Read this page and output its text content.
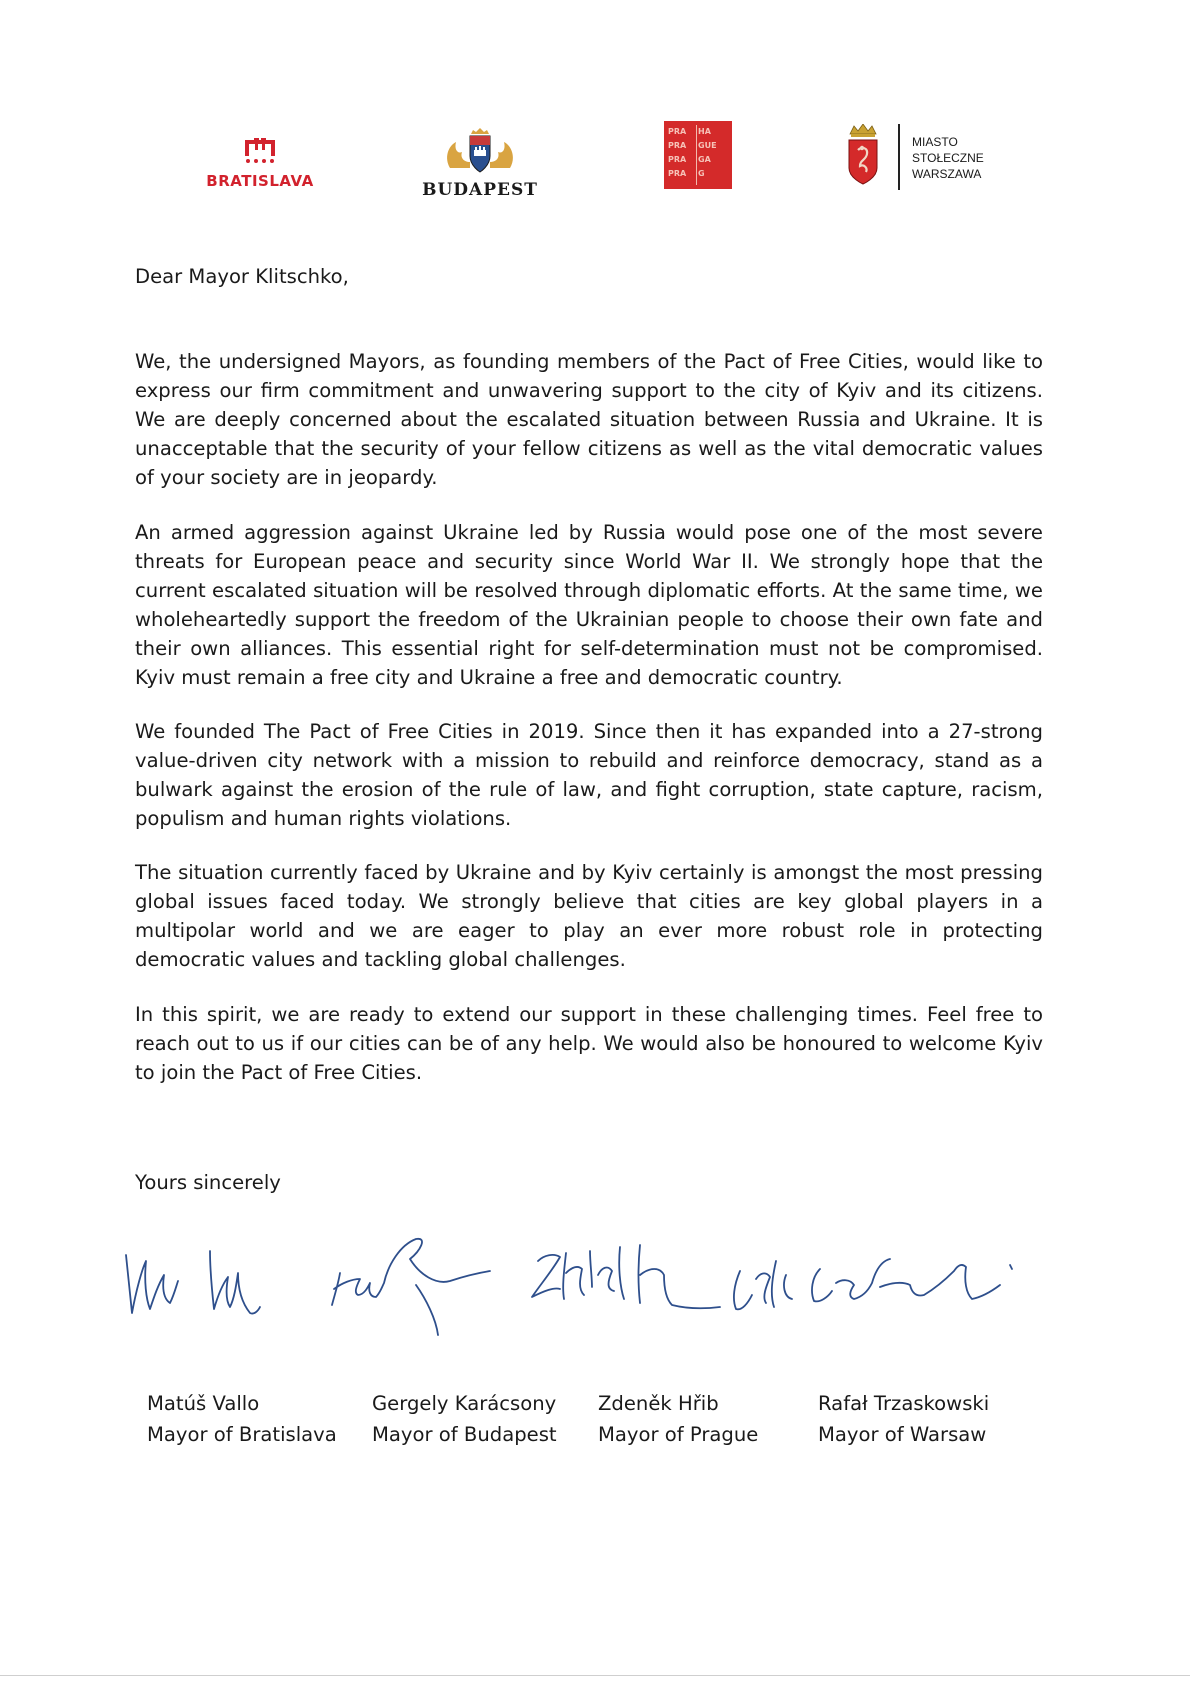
BRATISLAVA	BUDAPEST
PRA	HA
PRA	GUE
PRA	GA
PRA	G
MIASTO
STOŁECZNE
WARSZAWA
Dear Mayor Klitschko,

We, the undersigned Mayors, as founding members of the Pact of Free Cities, would like to express our firm commitment and unwavering support to the city of Kyiv and its citizens. We are deeply concerned about the escalated situation between Russia and Ukraine. It is unacceptable that the security of your fellow citizens as well as the vital democratic values of your society are in jeopardy.

An armed aggression against Ukraine led by Russia would pose one of the most severe threats for European peace and security since World War II. We strongly hope that the current escalated situation will be resolved through diplomatic efforts. At the same time, we wholeheartedly support the freedom of the Ukrainian people to choose their own fate and their own alliances. This essential right for self-determination must not be compromised. Kyiv must remain a free city and Ukraine a free and democratic country.

We founded The Pact of Free Cities in 2019. Since then it has expanded into a 27-strong value-driven city network with a mission to rebuild and reinforce democracy, stand as a bulwark against the erosion of the rule of law, and fight corruption, state capture, racism, populism and human rights violations.

The situation currently faced by Ukraine and by Kyiv certainly is amongst the most pressing global issues faced today. We strongly believe that cities are key global players in a multipolar world and we are eager to play an ever more robust role in protecting democratic values and tackling global challenges.

In this spirit, we are ready to extend our support in these challenging times. Feel free to reach out to us if our cities can be of any help. We would also be honoured to welcome Kyiv to join the Pact of Free Cities.

Yours sincerely
Matúš Vallo
Mayor of Bratislava
Gergely Karácsony
Mayor of Budapest
Zdeněk Hřib
Mayor of Prague
Rafał Trzaskowski
Mayor of Warsaw
